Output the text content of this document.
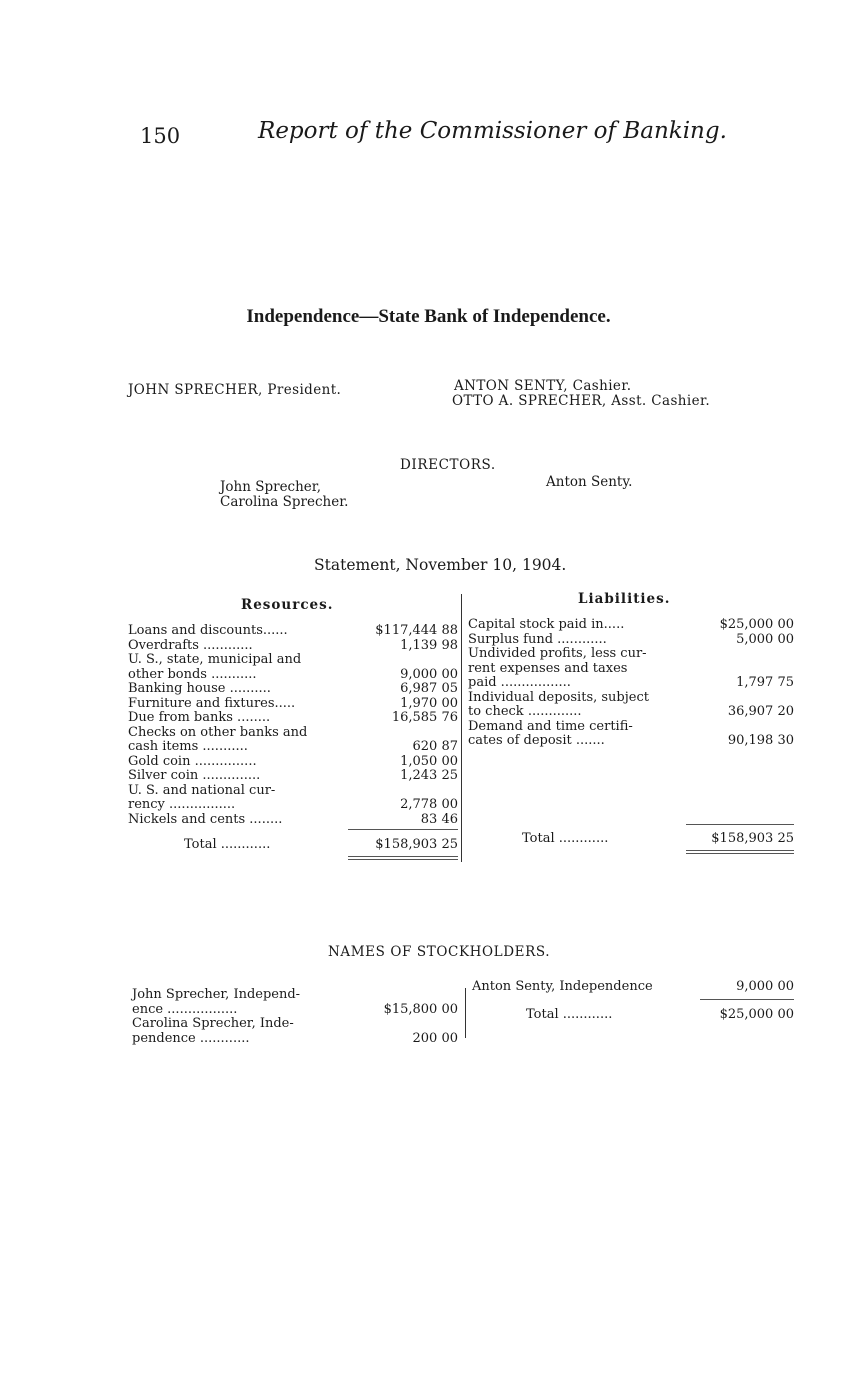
150	Report of the Commissioner of Banking.
Independence—State Bank of Independence.
JOHN SPRECHER, President.	ANTON SENTY, Cashier.
OTTO A. SPRECHER, Asst. Cashier.
DIRECTORS.
John Sprecher,
Carolina Sprecher.
Anton Senty.
Statement, November 10, 1904.
Resources.
Loans and discounts......	$117,444 88
Overdrafts ............	1,139 98
U. S., state, municipal and
other bonds ...........	9,000 00
Banking house ..........	6,987 05
Furniture and fixtures.....	1,970 00
Due from banks ........	16,585 76
Checks on other banks and
cash items ...........	620 87
Gold coin ...............	1,050 00
Silver coin ..............	1,243 25
U. S. and national cur-
rency ................	2,778 00
Nickels and cents ........	83 46
Total ............	$158,903 25
Liabilities.
Capital stock paid in.....	$25,000 00
Surplus fund ............	5,000 00
Undivided profits, less cur-
rent expenses and taxes
paid .................	1,797 75
Individual deposits, subject
to check .............	36,907 20
Demand and time certifi-
cates of deposit .......	90,198 30
Total ............	$158,903 25
NAMES OF STOCKHOLDERS.
John Sprecher, Independ-
ence .................	$15,800 00
Carolina Sprecher, Inde-
pendence ............	200 00
Anton Senty, Independence	9,000 00
Total ............	$25,000 00
